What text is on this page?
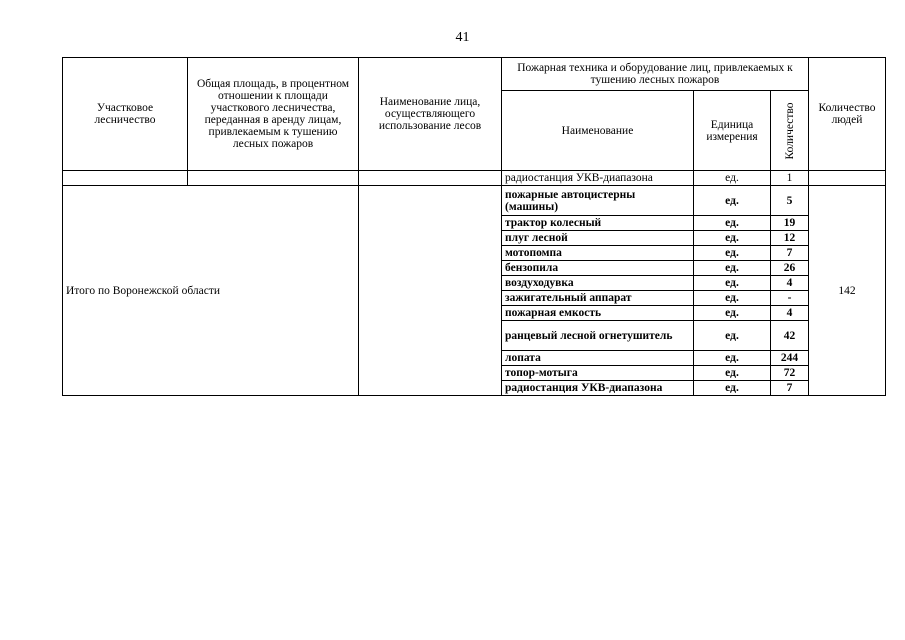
41
Участковое лесничество	Общая площадь, в процентном отношении к площади участкового лесничества, переданная в аренду лицам, привлекаемым к тушению лесных пожаров	Наименование лица, осуществляющего использование лесов	Пожарная техника и оборудование лиц, привлекаемых к тушению лесных пожаров			Количество людей
			Наименование	Единица измерения	Количество	

			радиостанция УКВ-диапазона	ед.	1	
Итого по Воронежской области			пожарные автоцистерны (машины)	ед.	5	142
			трактор колесный	ед.	19	
			плуг лесной	ед.	12	
			мотопомпа	ед.	7	
			бензопила	ед.	26	
			воздуходувка	ед.	4	
			зажигательный аппарат	ед.	-	
			пожарная емкость	ед.	4	
			ранцевый лесной огнетушитель	ед.	42	
			лопата	ед.	244	
			топор-мотыга	ед.	72	
			радиостанция УКВ-диапазона	ед.	7	
